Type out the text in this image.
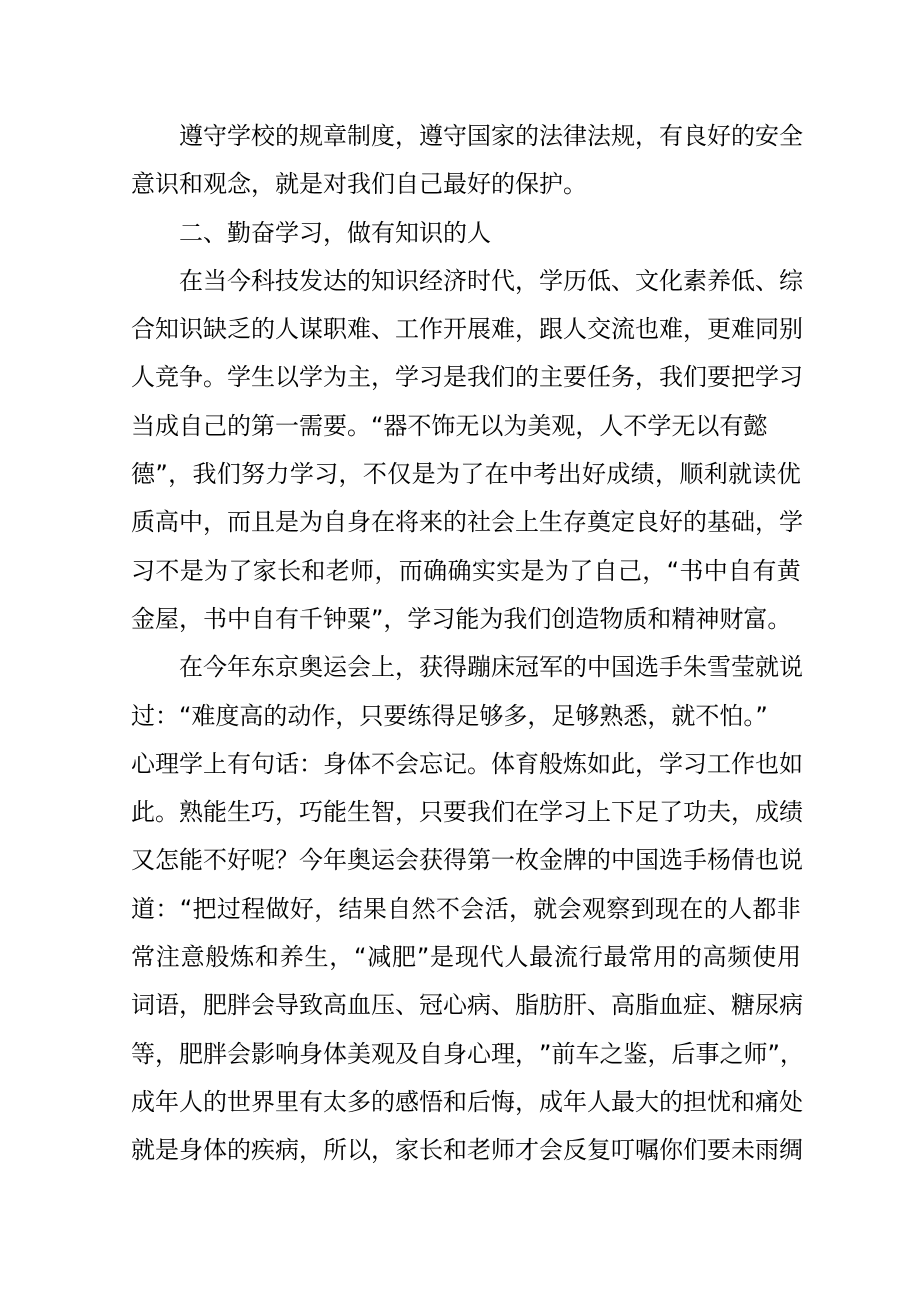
遵 守 学 校 的 规 章 制 度 ， 遵 守 国 家 的 法 律 法 规 ， 有 良 好 的 安 全
意识和观念，就是对我们自己最好的保护。
二、勤奋学习，做有知识的人
在 当 今 科 技 发 达 的 知 识 经 济 时 代 ， 学 历 低 、 文 化 素 养 低 、 综
合 知 识 缺 乏 的 人 谋 职 难 、 工 作 开 展 难 ， 跟 人 交 流 也 难 ， 更 难 同 别
人 竞 争 。 学 生 以 学 为 主 ， 学 习 是 我 们 的 主 要 任 务 ， 我 们 要 把 学 习
当成自己的第一需要。“器不饰无以为美观，人不学无以有懿
德 ” ， 我 们 努 力 学 习 ， 不 仅 是 为 了 在 中 考 出 好 成 绩 ， 顺 利 就 读 优
质 高 中 ， 而 且 是 为 自 身 在 将 来 的 社 会 上 生 存 奠 定 良 好 的 基 础 ， 学
习 不 是 为 了 家 长 和 老 师 ， 而 确 确 实 实 是 为 了 自 己 ， “ 书 中 自 有 黄
金屋，书中自有千钟粟”，学习能为我们创造物质和精神财富。
在 今 年 东 京 奥 运 会 上 ， 获 得 蹦 床 冠 军 的 中 国 选 手 朱 雪 莹 就 说
过：“难度高的动作，只要练得足够多，足够熟悉，就不怕。”
心 理 学 上 有 句 话 ： 身 体 不 会 忘 记 。 体 育 般 炼 如 此 ， 学 习 工 作 也 如
此 。 熟 能 生 巧 ， 巧 能 生 智 ， 只 要 我 们 在 学 习 上 下 足 了 功 夫 ， 成 绩
又 怎 能 不 好 呢 ？ 今 年 奥 运 会 获 得 第 一 枚 金 牌 的 中 国 选 手 杨 倩 也 说
道 ： “ 把 过 程 做 好 ， 结 果 自 然 不 会 活 ， 就 会 观 察 到 现 在 的 人 都 非
常 注 意 般 炼 和 养 生 ， “ 减 肥 ” 是 现 代 人 最 流 行 最 常 用 的 高 频 使 用
词 语 ， 肥 胖 会 导 致 高 血 压 、 冠 心 病 、 脂 肪 肝 、 高 脂 血 症 、 糖 尿 病
等 ， 肥 胖 会 影 响 身 体 美 观 及 自 身 心 理 ， ” 前 车 之 鉴 ， 后 事 之 师 ” ，
成 年 人 的 世 界 里 有 太 多 的 感 悟 和 后 悔 ， 成 年 人 最 大 的 担 忧 和 痛 处
就 是 身 体 的 疾 病 ， 所 以 ， 家 长 和 老 师 才 会 反 复 叮 嘱 你 们 要 未 雨 绸
